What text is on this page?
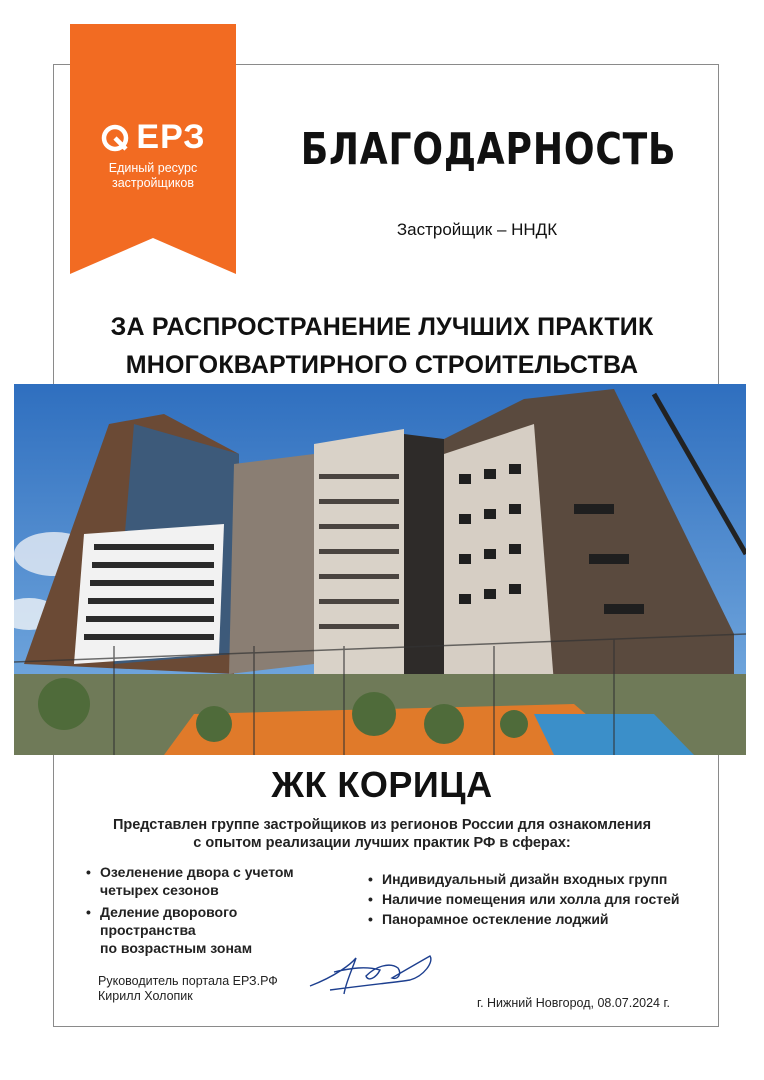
ЕРЗ
Единый ресурс
застройщиков
БЛАГОДАРНОСТЬ
Застройщик – ННДК
ЗА РАСПРОСТРАНЕНИЕ ЛУЧШИХ ПРАКТИК
МНОГОКВАРТИРНОГО СТРОИТЕЛЬСТВА
ЖК КОРИЦА
Представлен группе застройщиков из регионов России для ознакомления
с опытом реализации лучших практик РФ в сферах:
• Озеленение двора с учетом
четырех сезонов
• Деление дворового пространства
по возрастным зонам
• Индивидуальный дизайн входных групп
• Наличие помещения или холла для гостей
• Панорамное остекление лоджий
Руководитель портала ЕРЗ.РФ
Кирилл Холопик	г. Нижний Новгород, 08.07.2024 г.
